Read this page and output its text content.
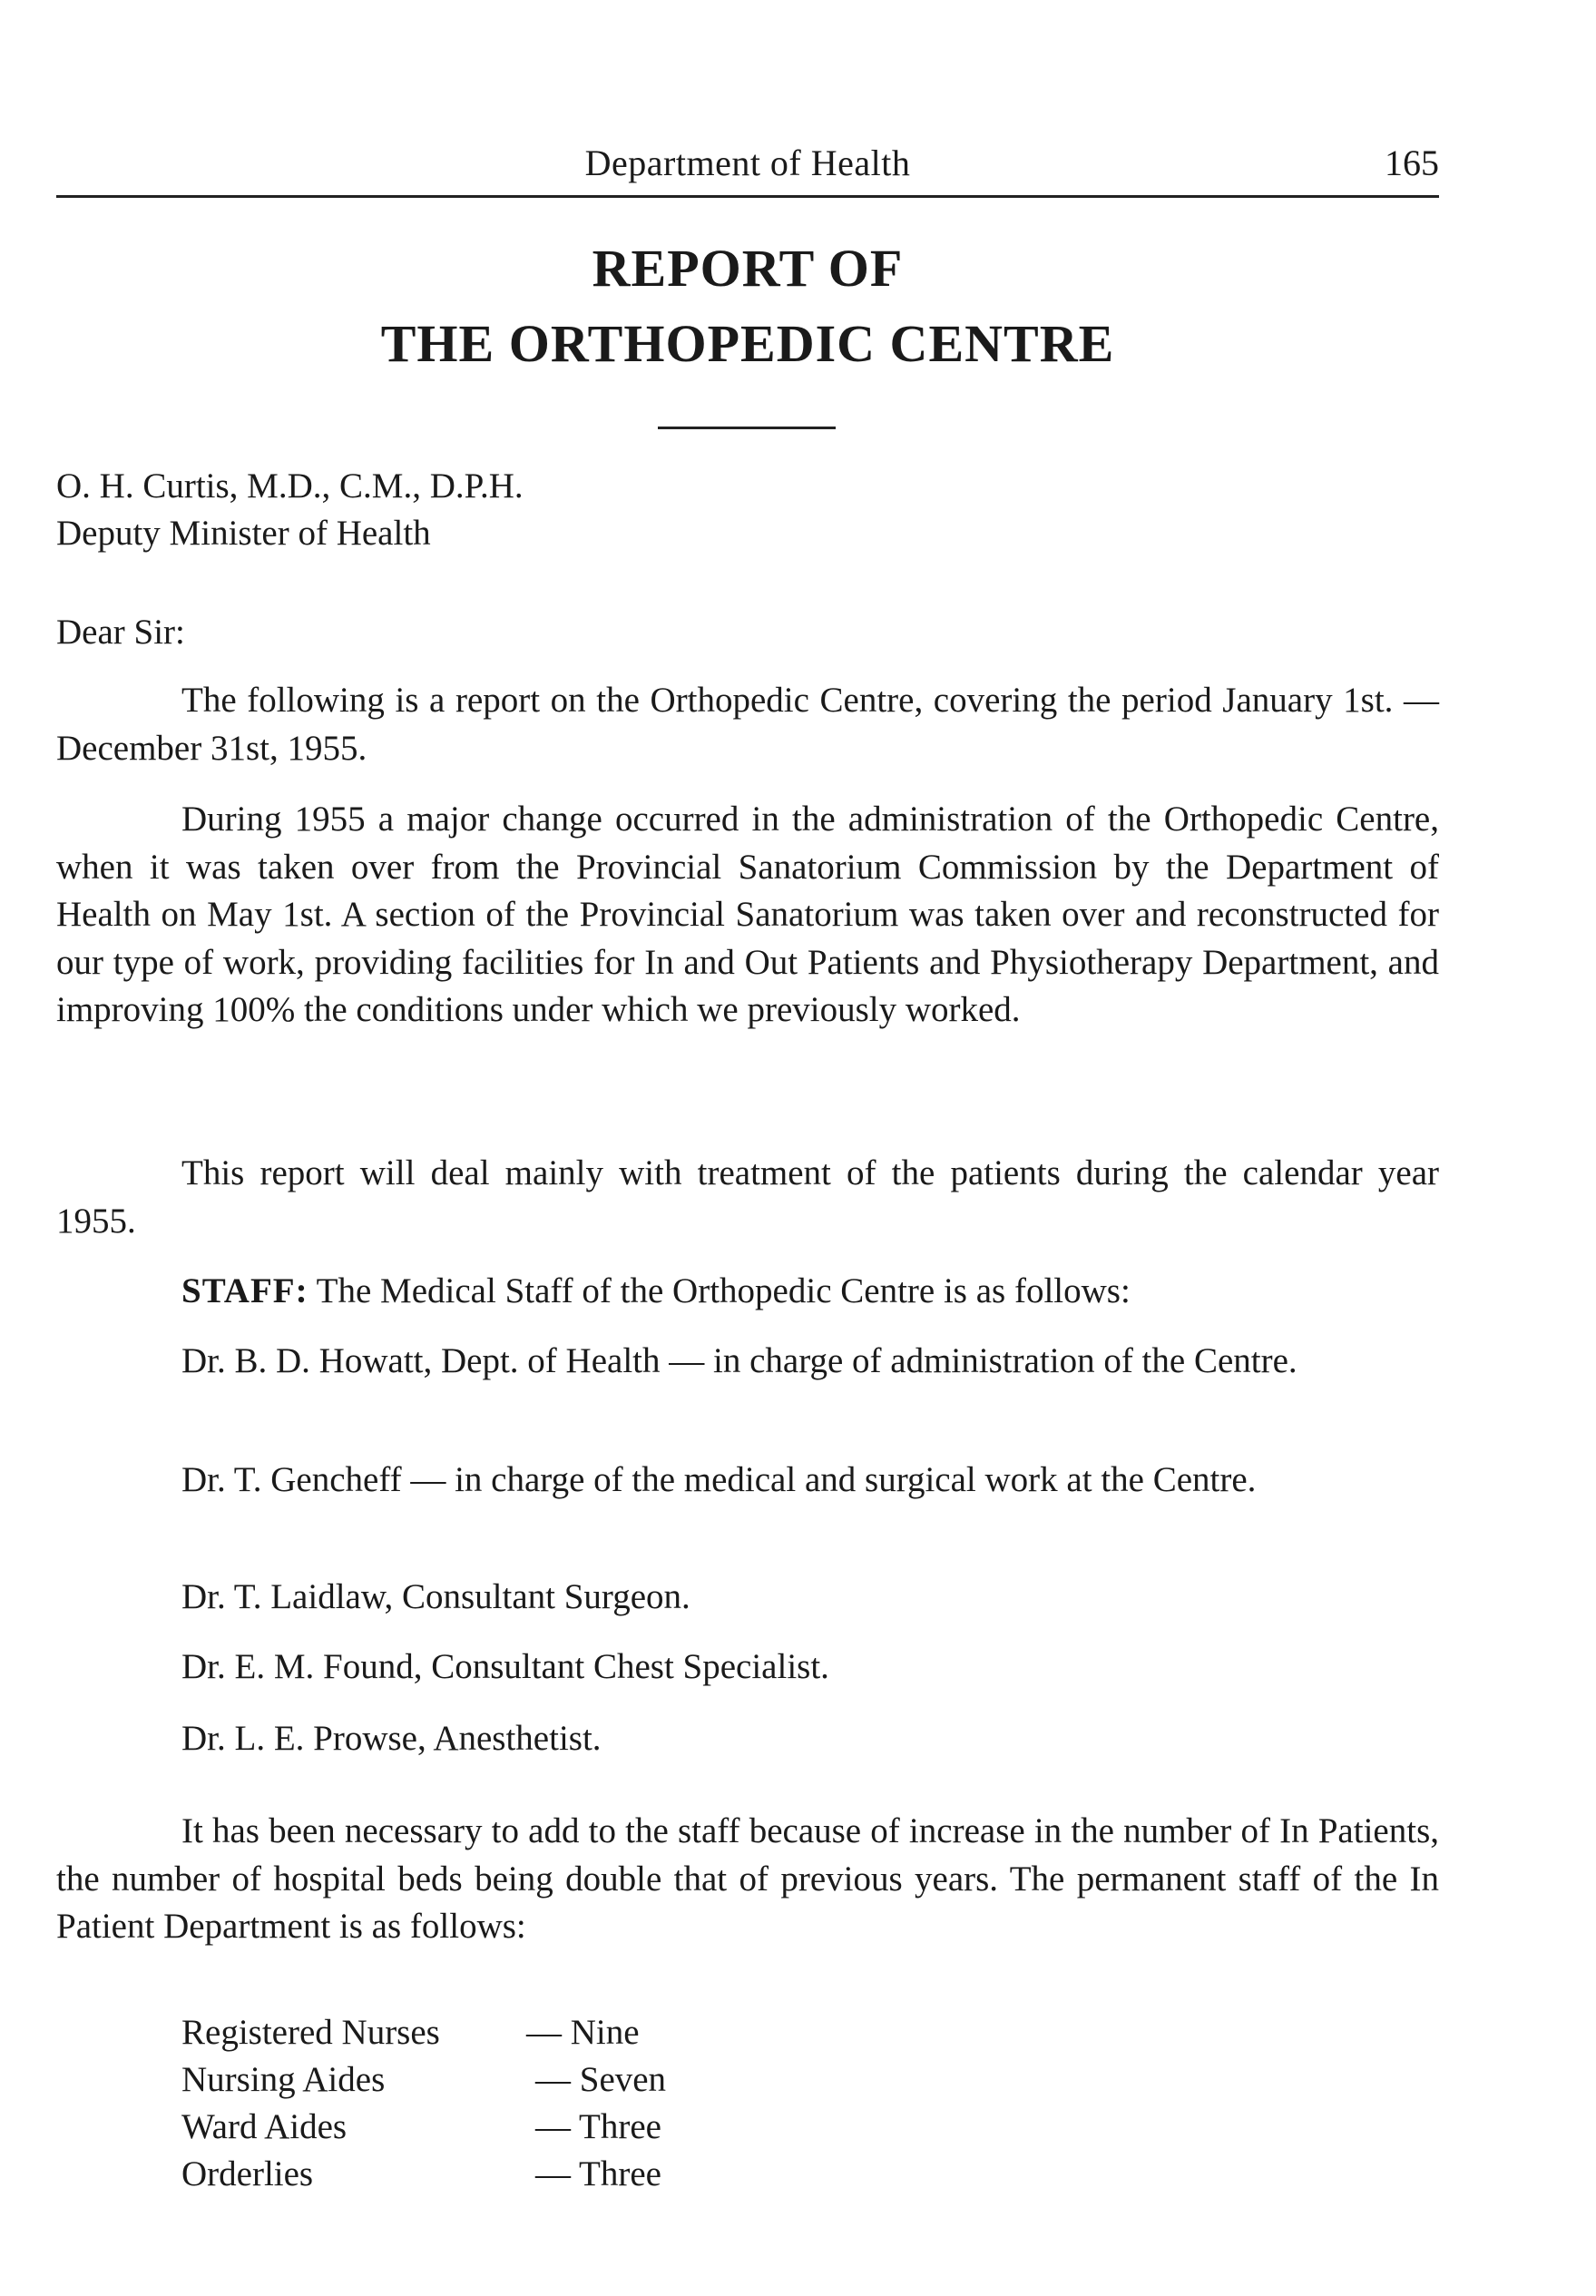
Department of Health	165
REPORT OF
THE ORTHOPEDIC CENTRE
O. H. Curtis, M.D., C.M., D.P.H.
Deputy Minister of Health
Dear Sir:

The following is a report on the Orthopedic Centre, covering the period January 1st. — December 31st, 1955.

During 1955 a major change occurred in the administration of the Orthopedic Centre, when it was taken over from the Provincial Sanatorium Commission by the Department of Health on May 1st. A section of the Provincial Sanatorium was taken over and reconstructed for our type of work, providing facilities for In and Out Patients and Physiotherapy Department, and improving 100% the conditions under which we previously worked.

This report will deal mainly with treatment of the patients during the calendar year 1955.

STAFF: The Medical Staff of the Orthopedic Centre is as follows:

Dr. B. D. Howatt, Dept. of Health — in charge of administration of the Centre.

Dr. T. Gencheff — in charge of the medical and surgical work at the Centre.

Dr. T. Laidlaw, Consultant Surgeon.
Dr. E. M. Found, Consultant Chest Specialist.
Dr. L. E. Prowse, Anesthetist.

It has been necessary to add to the staff because of increase in the number of In Patients, the number of hospital beds being double that of previous years. The permanent staff of the In Patient Department is as follows:

Registered Nurses — Nine
Nursing Aides	— Seven
Ward Aides	— Three
Orderlies	— Three
